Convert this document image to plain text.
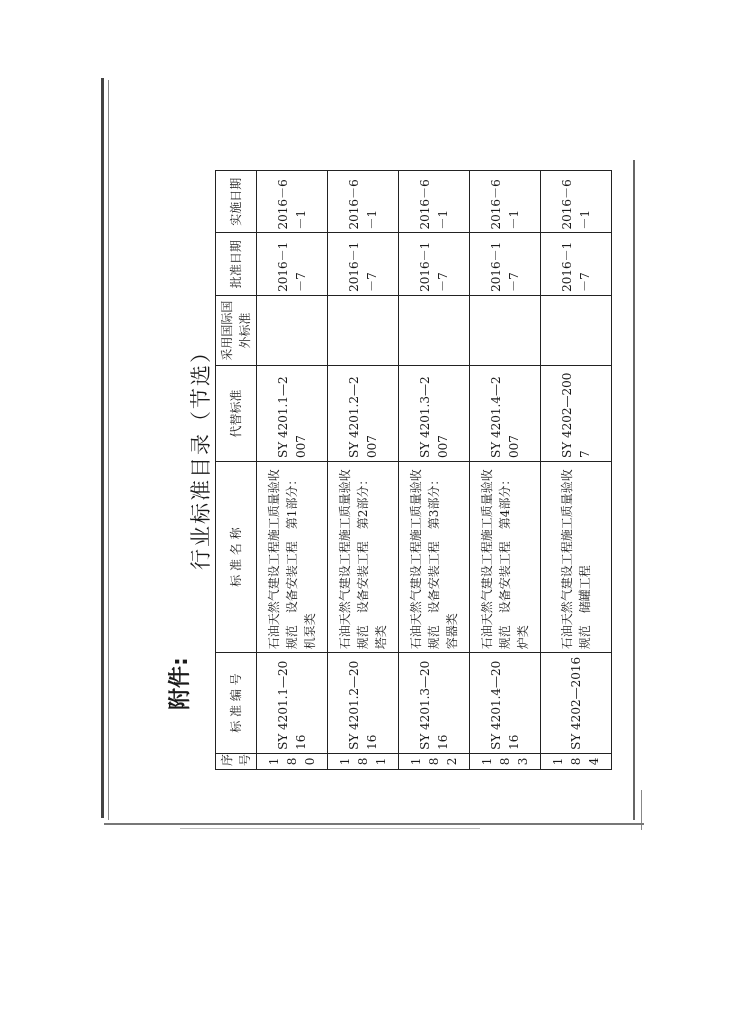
附件:
行业标准目录（节选）
序号	标 准 编 号	标 准 名 称	代替标准	采用国际国外标准	批准日期	实施日期
180	SY 4201.1—2016	石油天然气建设工程施工质量验收规范　设备安装工程　第1部分：机泵类	SY 4201.1—2007		2016－1－7	2016－6－1
181	SY 4201.2—2016	石油天然气建设工程施工质量验收规范　设备安装工程　第2部分：塔类	SY 4201.2—2007		2016－1－7	2016－6－1
182	SY 4201.3—2016	石油天然气建设工程施工质量验收规范　设备安装工程　第3部分：容器类	SY 4201.3—2007		2016－1－7	2016－6－1
183	SY 4201.4—2016	石油天然气建设工程施工质量验收规范　设备安装工程　第4部分：炉类	SY 4201.4—2007		2016－1－7	2016－6－1
184	SY 4202—2016	石油天然气建设工程施工质量验收规范　储罐工程	SY 4202—2007		2016－1－7	2016－6－1
